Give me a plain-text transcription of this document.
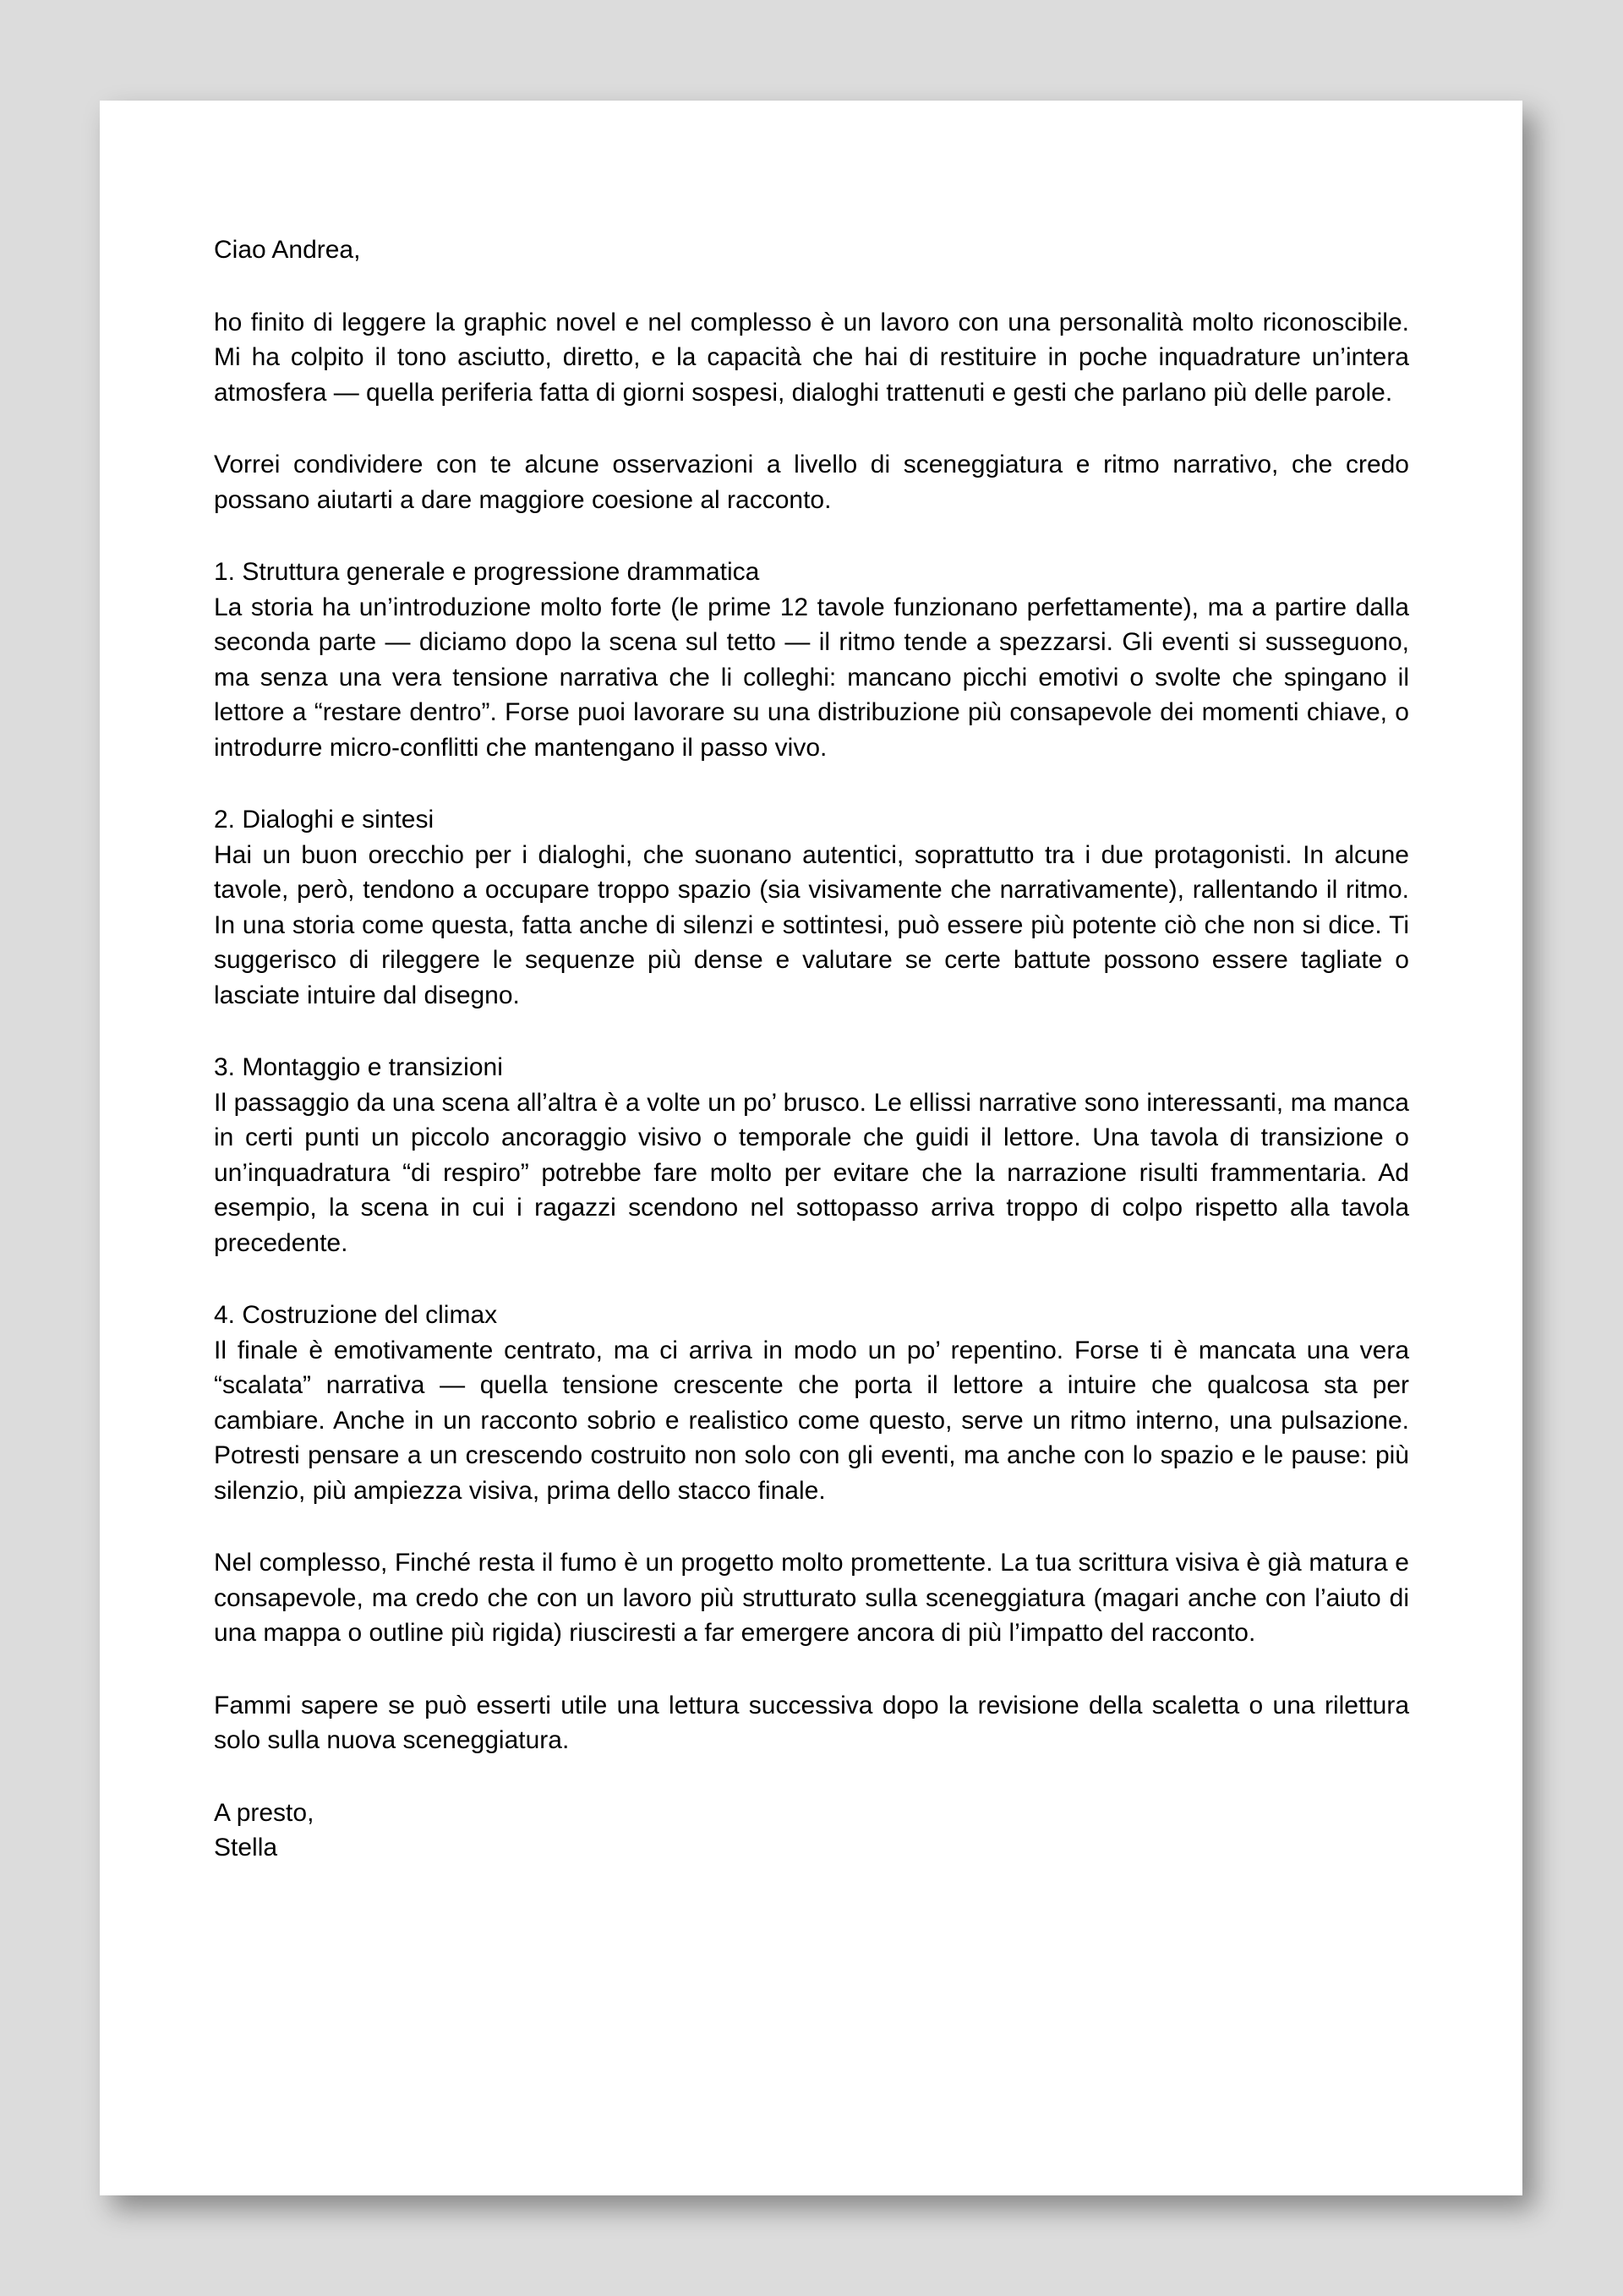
Ciao Andrea,
ho finito di leggere la graphic novel e nel complesso è un lavoro con una personalità molto riconoscibile. Mi ha colpito il tono asciutto, diretto, e la capacità che hai di restituire in poche inquadrature un’intera atmosfera — quella periferia fatta di giorni sospesi, dialoghi trattenuti e gesti che parlano più delle parole.
Vorrei condividere con te alcune osservazioni a livello di sceneggiatura e ritmo narrativo, che credo possano aiutarti a dare maggiore coesione al racconto.
1. Struttura generale e progressione drammatica
La storia ha un’introduzione molto forte (le prime 12 tavole funzionano perfettamente), ma a partire dalla seconda parte — diciamo dopo la scena sul tetto — il ritmo tende a spezzarsi. Gli eventi si susseguono, ma senza una vera tensione narrativa che li colleghi: mancano picchi emotivi o svolte che spingano il lettore a “restare dentro”. Forse puoi lavorare su una distribuzione più consapevole dei momenti chiave, o introdurre micro-conflitti che mantengano il passo vivo.
2. Dialoghi e sintesi
Hai un buon orecchio per i dialoghi, che suonano autentici, soprattutto tra i due protagonisti. In alcune tavole, però, tendono a occupare troppo spazio (sia visivamente che narrativamente), rallentando il ritmo. In una storia come questa, fatta anche di silenzi e sottintesi, può essere più potente ciò che non si dice. Ti suggerisco di rileggere le sequenze più dense e valutare se certe battute possono essere tagliate o lasciate intuire dal disegno.
3. Montaggio e transizioni
Il passaggio da una scena all’altra è a volte un po’ brusco. Le ellissi narrative sono interessanti, ma manca in certi punti un piccolo ancoraggio visivo o temporale che guidi il lettore. Una tavola di transizione o un’inquadratura “di respiro” potrebbe fare molto per evitare che la narrazione risulti frammentaria. Ad esempio, la scena in cui i ragazzi scendono nel sottopasso arriva troppo di colpo rispetto alla tavola precedente.
4. Costruzione del climax
Il finale è emotivamente centrato, ma ci arriva in modo un po’ repentino. Forse ti è mancata una vera “scalata” narrativa — quella tensione crescente che porta il lettore a intuire che qualcosa sta per cambiare. Anche in un racconto sobrio e realistico come questo, serve un ritmo interno, una pulsazione. Potresti pensare a un crescendo costruito non solo con gli eventi, ma anche con lo spazio e le pause: più silenzio, più ampiezza visiva, prima dello stacco finale.
Nel complesso, Finché resta il fumo è un progetto molto promettente. La tua scrittura visiva è già matura e consapevole, ma credo che con un lavoro più strutturato sulla sceneggiatura (magari anche con l’aiuto di una mappa o outline più rigida) riusciresti a far emergere ancora di più l’impatto del racconto.
Fammi sapere se può esserti utile una lettura successiva dopo la revisione della scaletta o una rilettura solo sulla nuova sceneggiatura.
A presto,
Stella
